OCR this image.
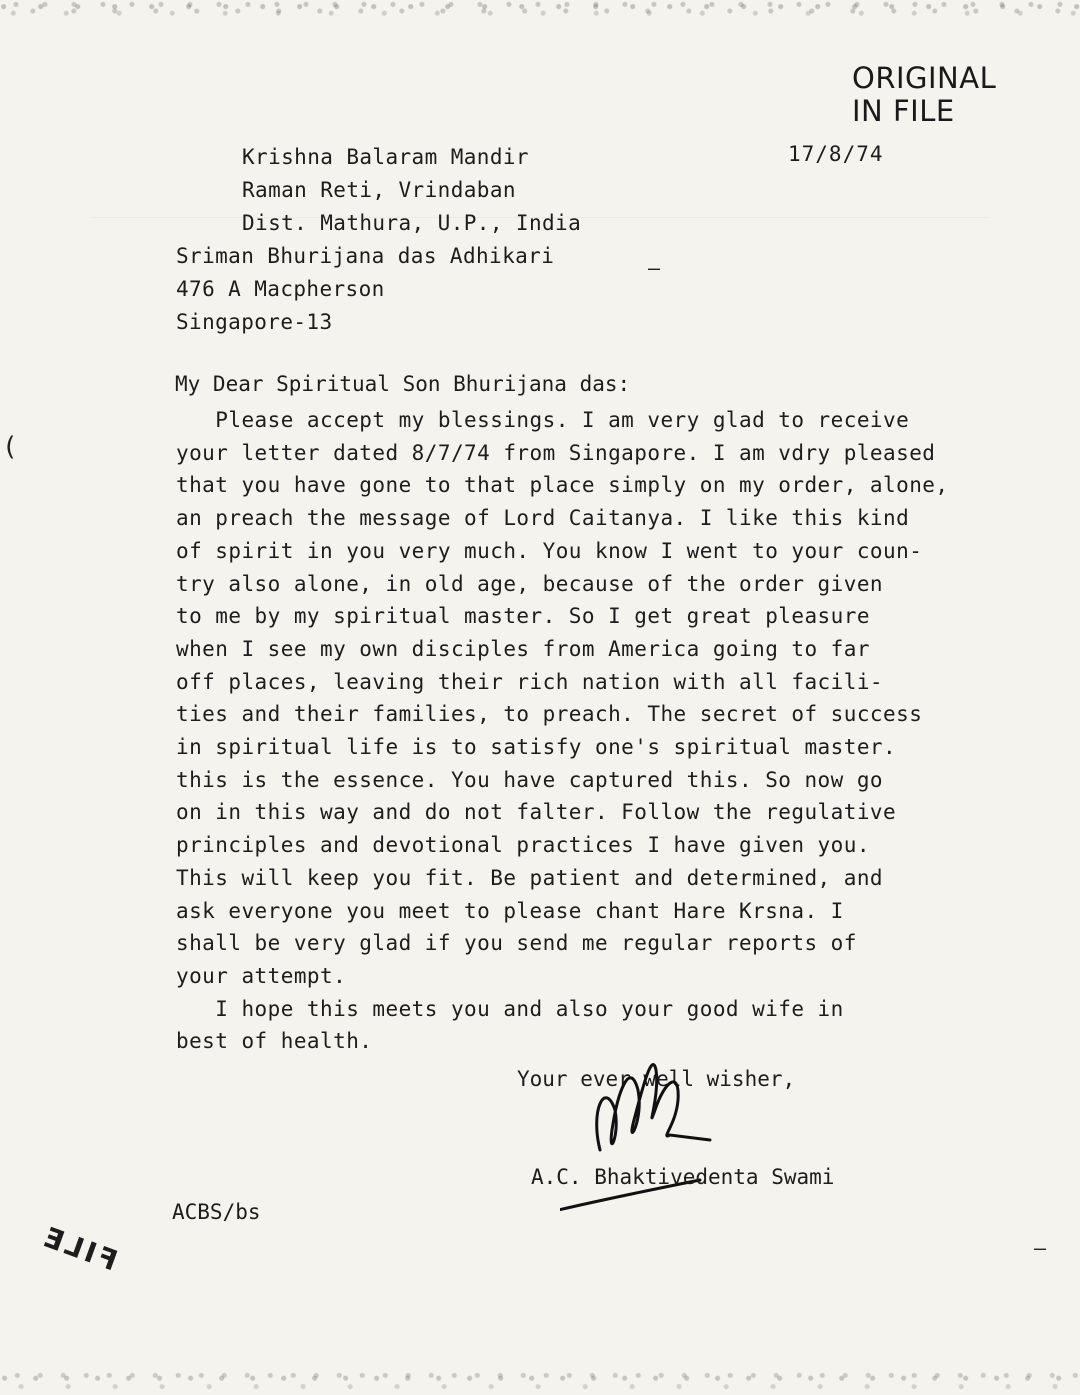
ORIGINAL
IN FILE
17/8/74
Krishna Balaram Mandir
Raman Reti, Vrindaban
Dist. Mathura, U.P., India
Sriman Bhurijana das Adhikari
476 A Macpherson
Singapore-13
My Dear Spiritual Son Bhurijana das:
Please accept my blessings. I am very glad to receive
your letter dated 8/7/74 from Singapore. I am vdry pleased
that you have gone to that place simply on my order, alone,
an preach the message of Lord Caitanya. I like this kind
of spirit in you very much. You know I went to your coun-
try also alone, in old age, because of the order given
to me by my spiritual master. So I get great pleasure
when I see my own disciples from America going to far
off places, leaving their rich nation with all facili-
ties and their families, to preach. The secret of success
in spiritual life is to satisfy one's spiritual master.
this is the essence. You have captured this. So now go
on in this way and do not falter. Follow the regulative
principles and devotional practices I have given you.
This will keep you fit. Be patient and determined, and
ask everyone you meet to please chant Hare Krsna. I
shall be very glad if you send me regular reports of
your attempt.
I hope this meets you and also your good wife in
best of health.
Your ever well wisher,
A.C. Bhaktivedenta Swami
ACBS/bs
FILE
(
–
–
